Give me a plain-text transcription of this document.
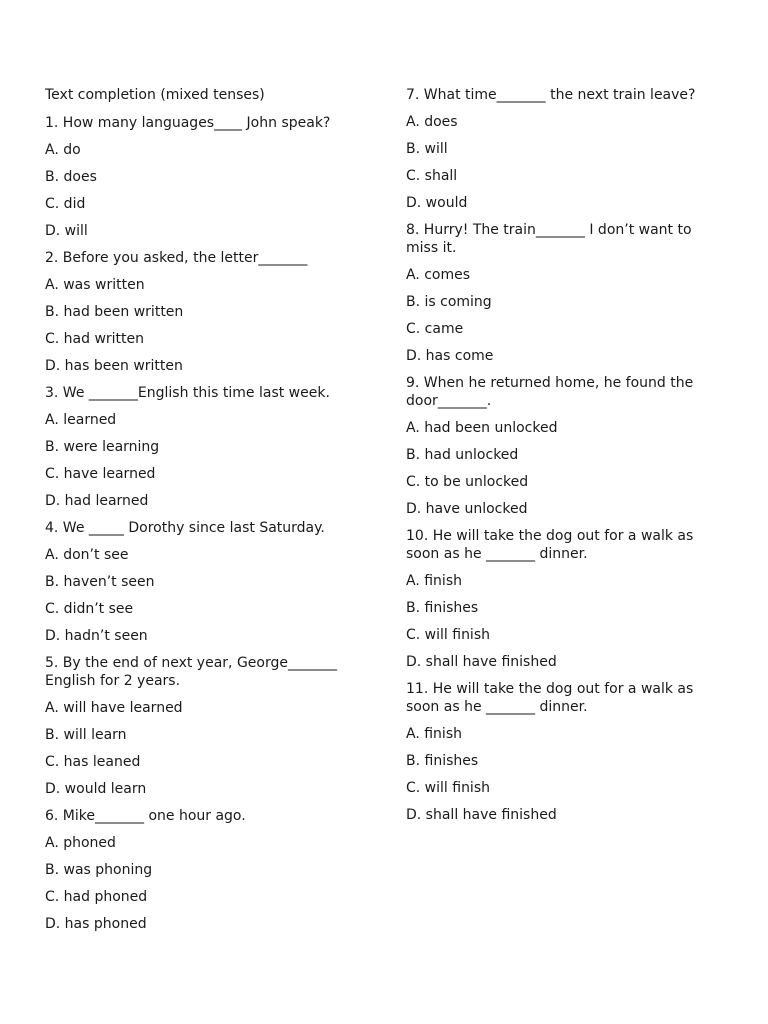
Text completion (mixed tenses)

1. How many languages____ John speak?

A. do

B. does

C. did

D. will

2. Before you asked, the letter_______

A. was written

B. had been written

C. had written

D. has been written

3. We _______English this time last week.

A. learned

B. were learning

C. have learned

D. had learned

4. We _____ Dorothy since last Saturday.

A. don’t see

B. haven’t seen

C. didn’t see

D. hadn’t seen

5. By the end of next year, George_______ English for 2 years.

A. will have learned

B. will learn

C. has leaned

D. would learn

6. Mike_______ one hour ago.

A. phoned

B. was phoning

C. had phoned

D. has phoned

7. What time_______ the next train leave?

A. does

B. will

C. shall

D. would

8. Hurry! The train_______ I don’t want to miss it.

A. comes

B. is coming

C. came

D. has come

9. When he returned home, he found the door_______.

A. had been unlocked

B. had unlocked

C. to be unlocked

D. have unlocked

10. He will take the dog out for a walk as soon as he _______ dinner.

A. finish

B. finishes

C. will finish

D. shall have finished

11. He will take the dog out for a walk as soon as he _______ dinner.

A. finish

B. finishes

C. will finish

D. shall have finished
